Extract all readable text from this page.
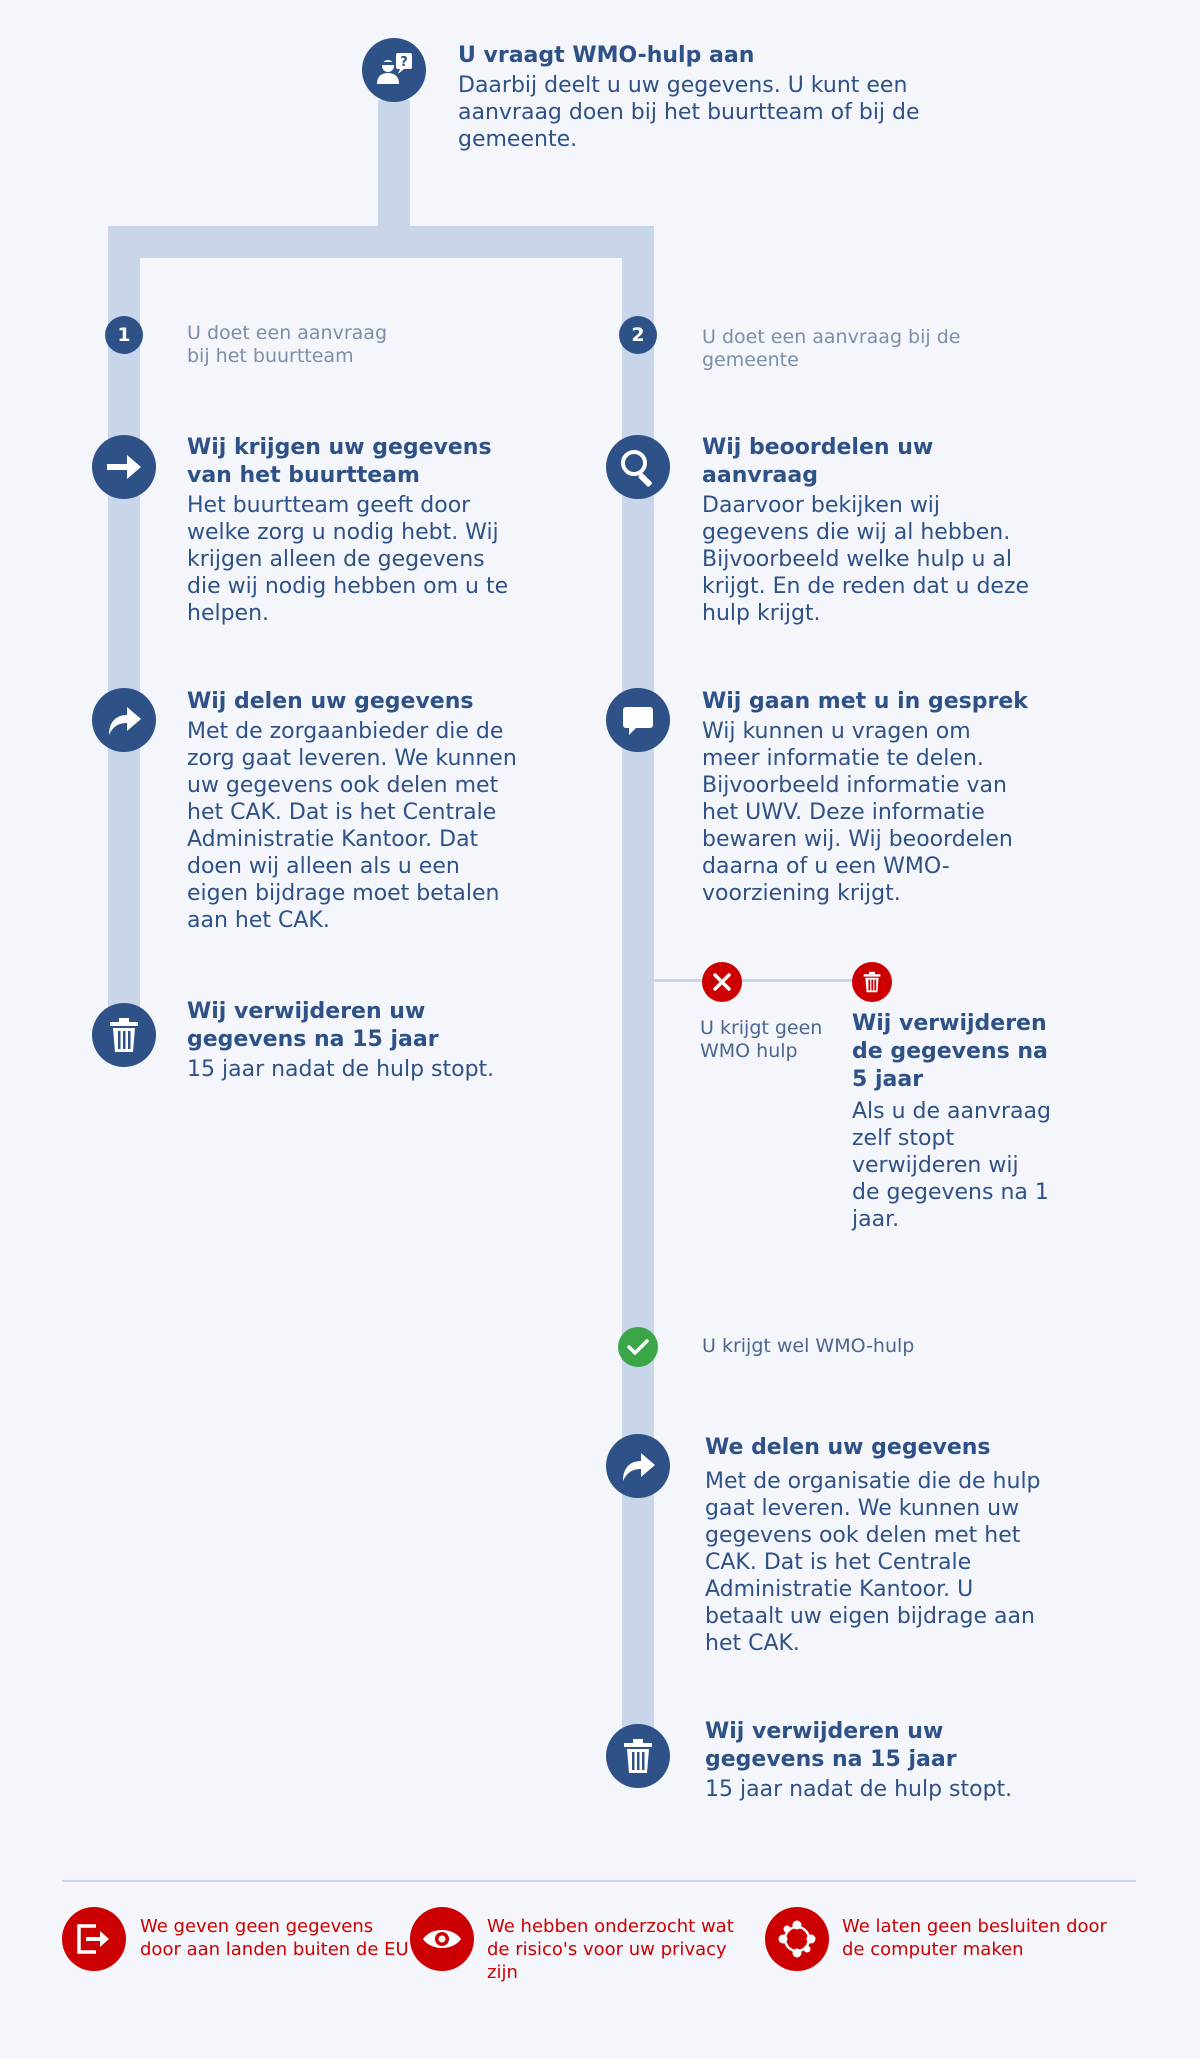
? U vraagt WMO-hulp aan
Daarbij deelt u uw gegevens. U kunt een aanvraag doen bij het buurtteam of bij de gemeente.
1	U doet een aanvraag bij het buurtteam
Wij krijgen uw gegevens van het buurtteam
Het buurtteam geeft door welke zorg u nodig hebt. Wij krijgen alleen de gegevens die wij nodig hebben om u te helpen.
Wij delen uw gegevens
Met de zorgaanbieder die de zorg gaat leveren. We kunnen uw gegevens ook delen met het CAK. Dat is het Centrale Administratie Kantoor. Dat doen wij alleen als u een eigen bijdrage moet betalen aan het CAK.
Wij verwijderen uw gegevens na 15 jaar
15 jaar nadat de hulp stopt.
2	U doet een aanvraag bij de gemeente
Wij beoordelen uw aanvraag
Daarvoor bekijken wij gegevens die wij al hebben. Bijvoorbeeld welke hulp u al krijgt. En de reden dat u deze hulp krijgt.
Wij gaan met u in gesprek
Wij kunnen u vragen om meer informatie te delen. Bijvoorbeeld informatie van het UWV. Deze informatie bewaren wij. Wij beoordelen daarna of u een WMO-voorziening krijgt.
U krijgt geen WMO hulp
Wij verwijderen de gegevens na 5 jaar
Als u de aanvraag zelf stopt verwijderen wij de gegevens na 1 jaar.
U krijgt wel WMO-hulp
We delen uw gegevens
Met de organisatie die de hulp gaat leveren. We kunnen uw gegevens ook delen met het CAK. Dat is het Centrale Administratie Kantoor. U betaalt uw eigen bijdrage aan het CAK.
Wij verwijderen uw gegevens na 15 jaar
15 jaar nadat de hulp stopt.
We geven geen gegevens door aan landen buiten de EU
We hebben onderzocht wat de risico's voor uw privacy zijn
We laten geen besluiten door de computer maken
